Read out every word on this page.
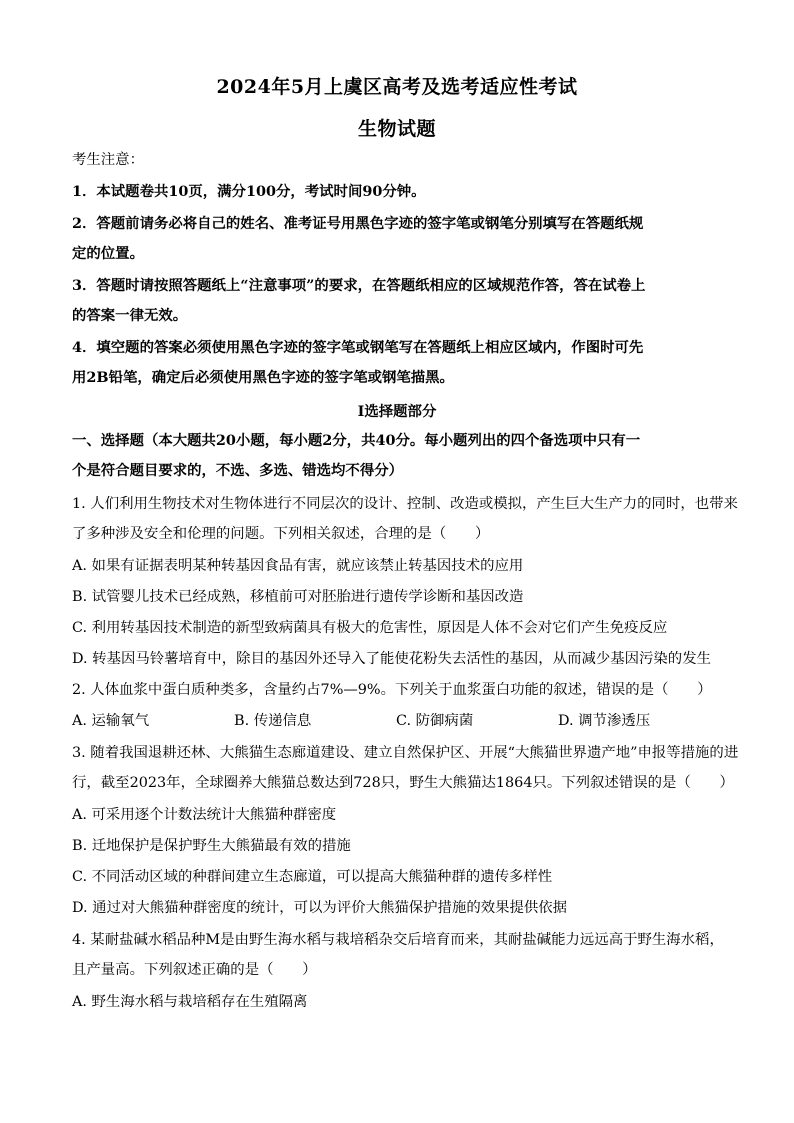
2024年5月上虞区高考及选考适应性考试
生物试题
考生注意：
1．本试题卷共10页，满分100分，考试时间90分钟。
2．答题前请务必将自己的姓名、准考证号用黑色字迹的签字笔或钢笔分别填写在答题纸规
定的位置。
3．答题时请按照答题纸上“注意事项”的要求，在答题纸相应的区域规范作答，答在试卷上
的答案一律无效。
4．填空题的答案必须使用黑色字迹的签字笔或钢笔写在答题纸上相应区域内，作图时可先
用2B铅笔，确定后必须使用黑色字迹的签字笔或钢笔描黑。
Ⅰ选择题部分
一、选择题（本大题共20小题，每小题2分，共40分。每小题列出的四个备选项中只有一
个是符合题目要求的，不选、多选、错选均不得分）
1. 人们利用生物技术对生物体进行不同层次的设计、控制、改造或模拟，产生巨大生产力的同时，也带来
了多种涉及安全和伦理的问题。下列相关叙述，合理的是（　　）
A. 如果有证据表明某种转基因食品有害，就应该禁止转基因技术的应用
B. 试管婴儿技术已经成熟，移植前可对胚胎进行遗传学诊断和基因改造
C. 利用转基因技术制造的新型致病菌具有极大的危害性，原因是人体不会对它们产生免疫反应
D. 转基因马铃薯培育中，除目的基因外还导入了能使花粉失去活性的基因，从而减少基因污染的发生
2. 人体血浆中蛋白质种类多，含量约占7%—9%。下列关于血浆蛋白功能的叙述，错误的是（　　）
A. 运输氧气	B. 传递信息	C. 防御病菌	D. 调节渗透压
3. 随着我国退耕还林、大熊猫生态廊道建设、建立自然保护区、开展“大熊猫世界遗产地”申报等措施的进
行，截至2023年，全球圈养大熊猫总数达到728只，野生大熊猫达1864只。下列叙述错误的是（　　）
A. 可采用逐个计数法统计大熊猫种群密度
B. 迁地保护是保护野生大熊猫最有效的措施
C. 不同活动区域的种群间建立生态廊道，可以提高大熊猫种群的遗传多样性
D. 通过对大熊猫种群密度的统计，可以为评价大熊猫保护措施的效果提供依据
4. 某耐盐碱水稻品种M是由野生海水稻与栽培稻杂交后培育而来，其耐盐碱能力远远高于野生海水稻，
且产量高。下列叙述正确的是（　　）
A. 野生海水稻与栽培稻存在生殖隔离
